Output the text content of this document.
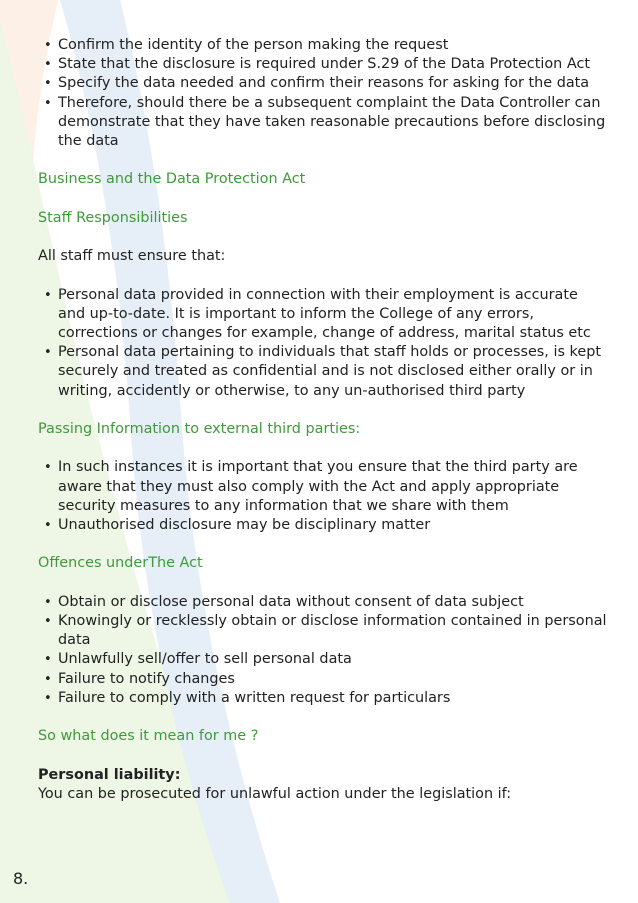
• Confirm the identity of the person making the request
• State that the disclosure is required under S.29 of the Data Protection Act
• Specify the data needed and confirm their reasons for asking for the data
• Therefore, should there be a subsequent complaint the Data Controller can demonstrate that they have taken reasonable precautions before disclosing the data

Business and the Data Protection Act

Staff Responsibilities

All staff must ensure that:

• Personal data provided in connection with their employment is accurate and up-to-date. It is important to inform the College of any errors, corrections or changes for example, change of address, marital status etc
• Personal data pertaining to individuals that staff holds or processes, is kept securely and treated as confidential and is not disclosed either orally or in writing, accidently or otherwise, to any un-authorised third party

Passing Information to external third parties:

• In such instances it is important that you ensure that the third party are aware that they must also comply with the Act and apply appropriate security measures to any information that we share with them
• Unauthorised disclosure may be disciplinary matter

Offences underThe Act

• Obtain or disclose personal data without consent of data subject
• Knowingly or recklessly obtain or disclose information contained in personal data
• Unlawfully sell/offer to sell personal data
• Failure to notify changes
• Failure to comply with a written request for particulars

So what does it mean for me ?

Personal liability:

You can be prosecuted for unlawful action under the legislation if:

8.
